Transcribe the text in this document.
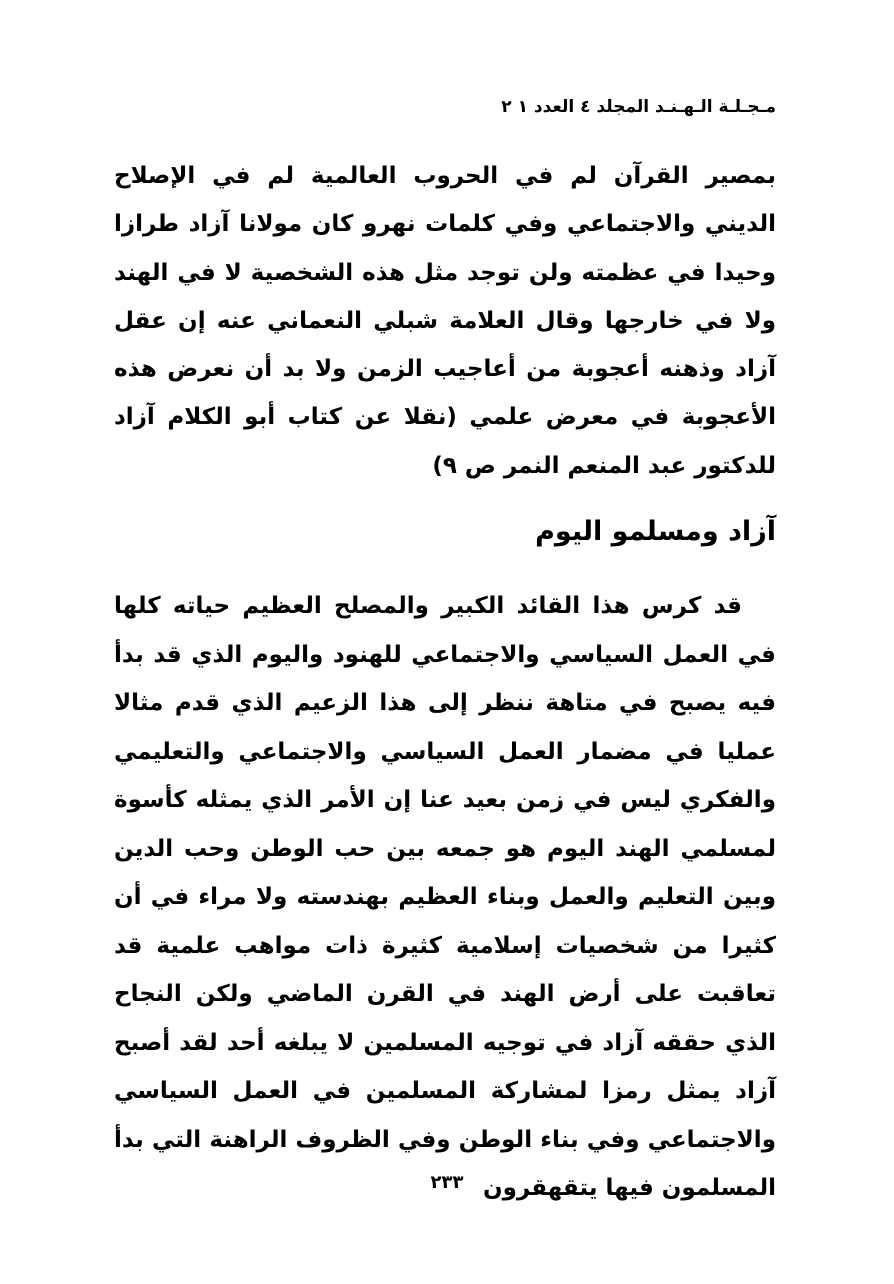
مـجـلـة الـهـنـد المجلد ٤ العدد ١ ٢

بمصير القرآن لم في الحروب العالمية لم في الإصلاح الديني والاجتماعي وفي كلمات نهرو كان مولانا آزاد طرازا وحيدا في عظمته ولن توجد مثل هذه الشخصية لا في الهند ولا في خارجها وقال العلامة شبلي النعماني عنه إن عقل آزاد وذهنه أعجوبة من أعاجيب الزمن ولا بد أن نعرض هذه الأعجوبة في معرض علمي (نقلا عن كتاب أبو الكلام آزاد للدكتور عبد المنعم النمر ص ٩)

آزاد ومسلمو اليوم

قد كرس هذا القائد الكبير والمصلح العظيم حياته كلها في العمل السياسي والاجتماعي للهنود واليوم الذي قد بدأ فيه يصبح في متاهة ننظر إلى هذا الزعيم الذي قدم مثالا عمليا في مضمار العمل السياسي والاجتماعي والتعليمي والفكري ليس في زمن بعيد عنا إن الأمر الذي يمثله كأسوة لمسلمي الهند اليوم هو جمعه بين حب الوطن وحب الدين وبين التعليم والعمل وبناء العظيم بهندسته ولا مراء في أن كثيرا من شخصيات إسلامية كثيرة ذات مواهب علمية قد تعاقبت على أرض الهند في القرن الماضي ولكن النجاح الذي حققه آزاد في توجيه المسلمين لا يبلغه أحد لقد أصبح آزاد يمثل رمزا لمشاركة المسلمين في العمل السياسي والاجتماعي وفي بناء الوطن وفي الظروف الراهنة التي بدأ المسلمون فيها يتقهقرون

٢٣٣
